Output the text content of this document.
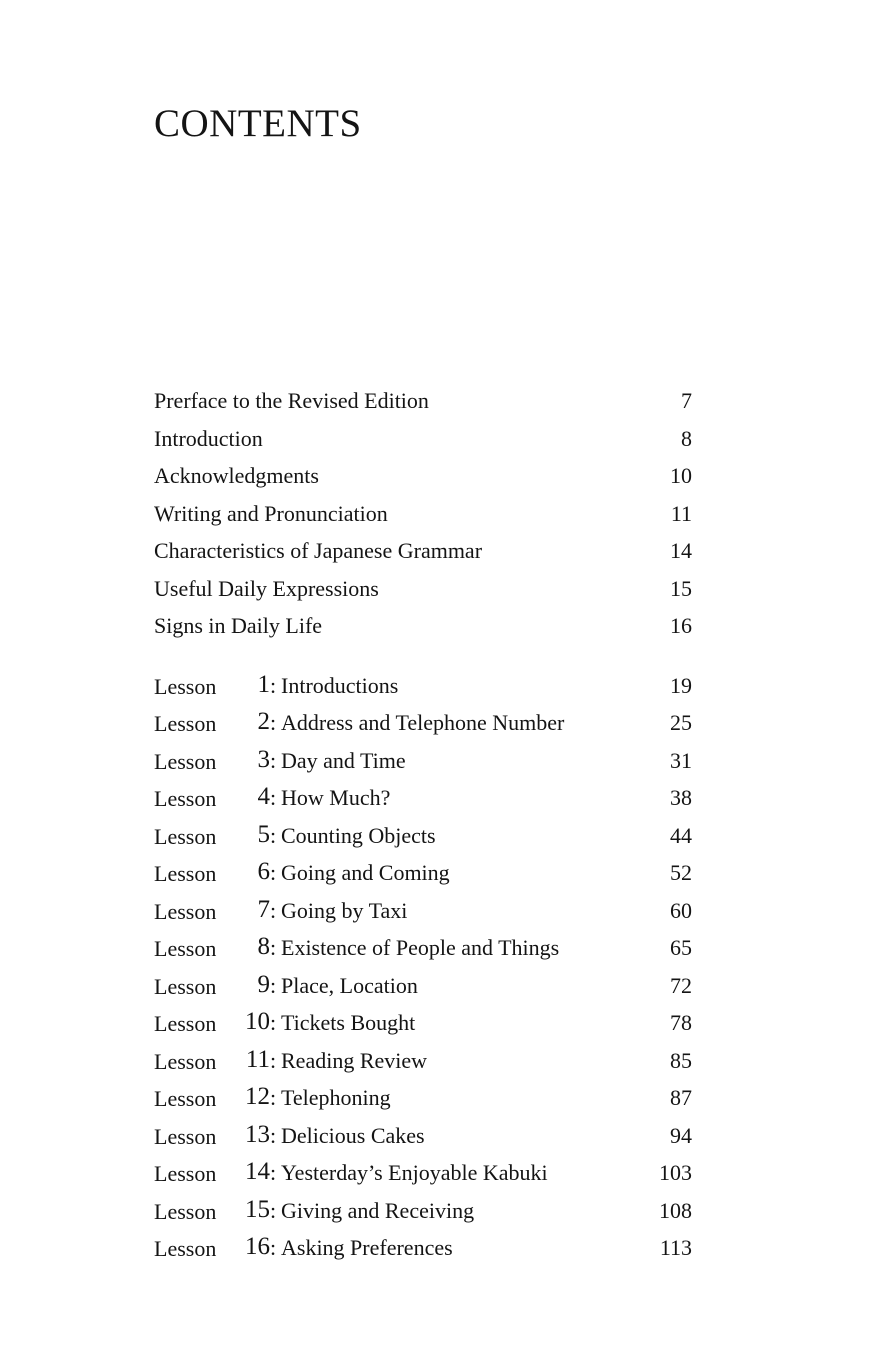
CONTENTS
Prerface to the Revised Edition	7
Introduction	8
Acknowledgments	10
Writing and Pronunciation	11
Characteristics of Japanese Grammar	14
Useful Daily Expressions	15
Signs in Daily Life	16
Lesson	1 : Introductions	19
Lesson	2 : Address and Telephone Number	25
Lesson	3 : Day and Time	31
Lesson	4 : How Much?	38
Lesson	5 : Counting Objects	44
Lesson	6 : Going and Coming	52
Lesson	7 : Going by Taxi	60
Lesson	8 : Existence of People and Things	65
Lesson	9 : Place, Location	72
Lesson	10 : Tickets Bought	78
Lesson	11 : Reading Review	85
Lesson	12 : Telephoning	87
Lesson	13 : Delicious Cakes	94
Lesson	14 : Yesterday’s Enjoyable Kabuki	103
Lesson	15 : Giving and Receiving	108
Lesson	16 : Asking Preferences	113
